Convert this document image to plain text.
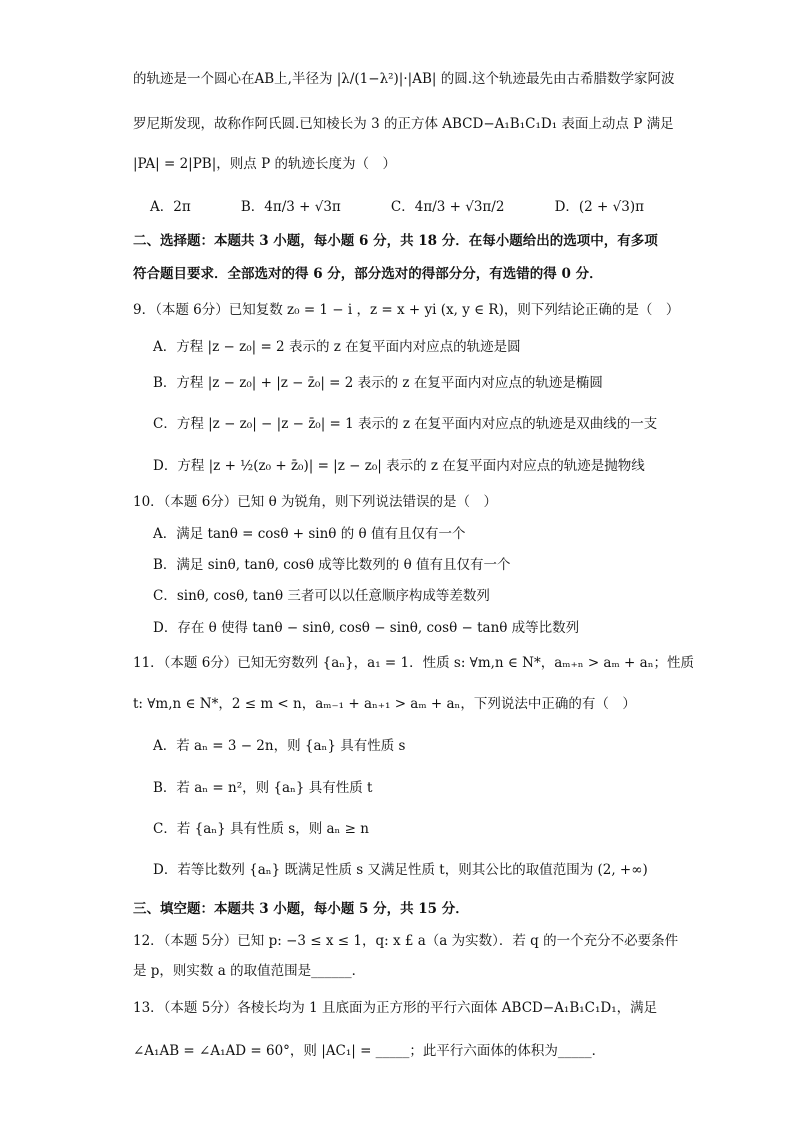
的轨迹是一个圆心在AB上,半径为 |λ/(1−λ²)|·|AB| 的圆.这个轨迹最先由古希腊数学家阿波
罗尼斯发现，故称作阿氏圆.已知棱长为 3 的正方体 ABCD−A₁B₁C₁D₁ 表面上动点 P 满足
|PA| = 2|PB|，则点 P 的轨迹长度为（　）
A．2π	B．4π/3 + √3π	C．4π/3 + √3π/2	D．(2 + √3)π
二、选择题：本题共 3 小题，每小题 6 分，共 18 分．在每小题给出的选项中，有多项
符合题目要求．全部选对的得 6 分，部分选对的得部分分，有选错的得 0 分．
9．（本题 6分）已知复数 z₀ = 1 − i ，z = x + yi (x, y ∈ R)，则下列结论正确的是（　）
A．方程 |z − z₀| = 2 表示的 z 在复平面内对应点的轨迹是圆
B．方程 |z − z₀| + |z − z̄₀| = 2 表示的 z 在复平面内对应点的轨迹是椭圆
C．方程 |z − z₀| − |z − z̄₀| = 1 表示的 z 在复平面内对应点的轨迹是双曲线的一支
D．方程 |z + ½(z₀ + z̄₀)| = |z − z₀| 表示的 z 在复平面内对应点的轨迹是抛物线
10．（本题 6分）已知 θ 为锐角，则下列说法错误的是（　）
A．满足 tanθ = cosθ + sinθ 的 θ 值有且仅有一个
B．满足 sinθ, tanθ, cosθ 成等比数列的 θ 值有且仅有一个
C．sinθ, cosθ, tanθ 三者可以以任意顺序构成等差数列
D．存在 θ 使得 tanθ − sinθ, cosθ − sinθ, cosθ − tanθ 成等比数列
11．（本题 6分）已知无穷数列 {aₙ}，a₁ = 1．性质 s: ∀m,n ∈ N*，aₘ₊ₙ > aₘ + aₙ；性质
t: ∀m,n ∈ N*，2 ≤ m < n，aₘ₋₁ + aₙ₊₁ > aₘ + aₙ，下列说法中正确的有（　）
A．若 aₙ = 3 − 2n，则 {aₙ} 具有性质 s
B．若 aₙ = n²，则 {aₙ} 具有性质 t
C．若 {aₙ} 具有性质 s，则 aₙ ≥ n
D．若等比数列 {aₙ} 既满足性质 s 又满足性质 t，则其公比的取值范围为 (2, +∞)
三、填空题：本题共 3 小题，每小题 5 分，共 15 分．
12．（本题 5分）已知 p: −3 ≤ x ≤ 1，q: x £ a（a 为实数）．若 q 的一个充分不必要条件
是 p，则实数 a 的取值范围是______．
13．（本题 5分）各棱长均为 1 且底面为正方形的平行六面体 ABCD−A₁B₁C₁D₁，满足
∠A₁AB = ∠A₁AD = 60°，则 |AC₁| = _____；此平行六面体的体积为_____．
